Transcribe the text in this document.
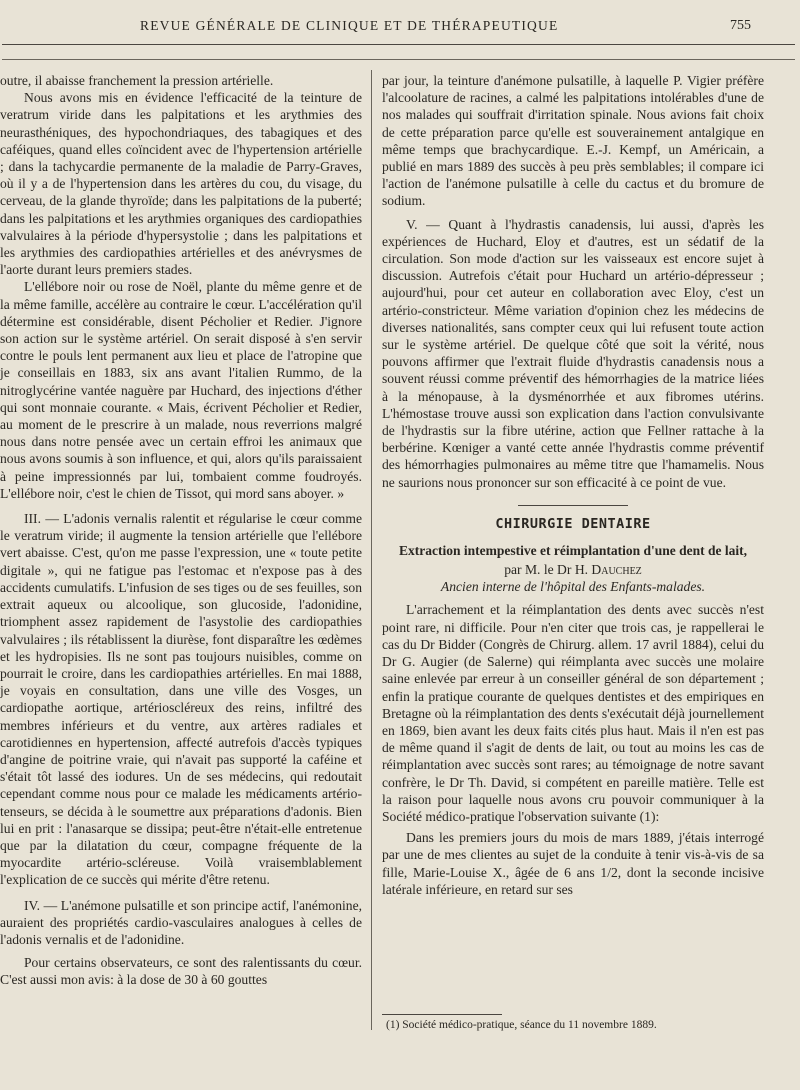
REVUE GÉNÉRALE DE CLINIQUE ET DE THÉRAPEUTIQUE	755

outre, il abaisse franchement la pression artérielle.

Nous avons mis en évidence l'efficacité de la teinture de veratrum viride dans les palpitations et les arythmies des neurasthéniques, des hypochondriaques, des tabagiques et des caféiques, quand elles coïncident avec de l'hypertension artérielle ; dans la tachycardie permanente de la maladie de Parry-Graves, où il y a de l'hypertension dans les artères du cou, du visage, du cerveau, de la glande thyroïde; dans les palpitations de la puberté; dans les palpitations et les arythmies organiques des cardiopathies valvulaires à la période d'hypersystolie ; dans les palpitations et les arythmies des cardiopathies artérielles et des anévrysmes de l'aorte durant leurs premiers stades.

L'ellébore noir ou rose de Noël, plante du même genre et de la même famille, accélère au contraire le cœur. L'accélération qu'il détermine est considérable, disent Pécholier et Redier. J'ignore son action sur le système artériel. On serait disposé à s'en servir contre le pouls lent permanent aux lieu et place de l'atropine que je conseillais en 1883, six ans avant l'italien Rummo, de la nitroglycérine vantée naguère par Huchard, des injections d'éther qui sont monnaie courante. « Mais, écrivent Pécholier et Redier, au moment de le prescrire à un malade, nous reverrions malgré nous dans notre pensée avec un certain effroi les animaux que nous avons soumis à son influence, et qui, alors qu'ils paraissaient à peine impressionnés par lui, tombaient comme foudroyés. L'ellébore noir, c'est le chien de Tissot, qui mord sans aboyer. »

III. — L'adonis vernalis ralentit et régularise le cœur comme le veratrum viride; il augmente la tension artérielle que l'ellébore vert abaisse. C'est, qu'on me passe l'expression, une « toute petite digitale », qui ne fatigue pas l'estomac et n'expose pas à des accidents cumulatifs. L'infusion de ses tiges ou de ses feuilles, son extrait aqueux ou alcoolique, son glucoside, l'adonidine, triomphent assez rapidement de l'asystolie des cardiopathies valvulaires ; ils rétablissent la diurèse, font disparaître les œdèmes et les hydropisies. Ils ne sont pas toujours nuisibles, comme on pourrait le croire, dans les cardiopathies artérielles. En mai 1888, je voyais en consultation, dans une ville des Vosges, un cardiopathe aortique, artérioscléreux des reins, infiltré des membres inférieurs et du ventre, aux artères radiales et carotidiennes en hypertension, affecté autrefois d'accès typiques d'angine de poitrine vraie, qui n'avait pas supporté la caféine et s'était tôt lassé des iodures. Un de ses médecins, qui redoutait cependant comme nous pour ce malade les médicaments artério-tenseurs, se décida à le soumettre aux préparations d'adonis. Bien lui en prit : l'anasarque se dissipa; peut-être n'était-elle entretenue que par la dilatation du cœur, compagne fréquente de la myocardite artério-scléreuse. Voilà vraisemblablement l'explication de ce succès qui mérite d'être retenu.

IV. — L'anémone pulsatille et son principe actif, l'anémonine, auraient des propriétés cardio-vasculaires analogues à celles de l'adonis vernalis et de l'adonidine.

Pour certains observateurs, ce sont des ralentissants du cœur. C'est aussi mon avis: à la dose de 30 à 60 gouttes

par jour, la teinture d'anémone pulsatille, à laquelle P. Vigier préfère l'alcoolature de racines, a calmé les palpitations intolérables d'une de nos malades qui souffrait d'irritation spinale. Nous avions fait choix de cette préparation parce qu'elle est souverainement antalgique en même temps que brachycardique. E.-J. Kempf, un Américain, a publié en mars 1889 des succès à peu près semblables; il compare ici l'action de l'anémone pulsatille à celle du cactus et du bromure de sodium.

V. — Quant à l'hydrastis canadensis, lui aussi, d'après les expériences de Huchard, Eloy et d'autres, est un sédatif de la circulation. Son mode d'action sur les vaisseaux est encore sujet à discussion. Autrefois c'était pour Huchard un artério-dépresseur ; aujourd'hui, pour cet auteur en collaboration avec Eloy, c'est un artério-constricteur. Même variation d'opinion chez les médecins de diverses nationalités, sans compter ceux qui lui refusent toute action sur le système artériel. De quelque côté que soit la vérité, nous pouvons affirmer que l'extrait fluide d'hydrastis canadensis nous a souvent réussi comme préventif des hémorrhagies de la matrice liées à la ménopause, à la dysménorrhée et aux fibromes utérins. L'hémostase trouve aussi son explication dans l'action convulsivante de l'hydrastis sur la fibre utérine, action que Fellner rattache à la berbérine. Kœniger a vanté cette année l'hydrastis comme préventif des hémorrhagies pulmonaires au même titre que l'hamamelis. Nous ne saurions nous prononcer sur son efficacité à ce point de vue.

CHIRURGIE DENTAIRE
Extraction intempestive et réimplantation d'une dent de lait,
par M. le Dr H. Dauchez
Ancien interne de l'hôpital des Enfants-malades.

L'arrachement et la réimplantation des dents avec succès n'est point rare, ni difficile. Pour n'en citer que trois cas, je rappellerai le cas du Dr Bidder (Congrès de Chirurg. allem. 17 avril 1884), celui du Dr G. Augier (de Salerne) qui réimplanta avec succès une molaire saine enlevée par erreur à un conseiller général de son département ; enfin la pratique courante de quelques dentistes et des empiriques en Bretagne où la réimplantation des dents s'exécutait déjà journellement en 1869, bien avant les deux faits cités plus haut. Mais il n'en est pas de même quand il s'agit de dents de lait, ou tout au moins les cas de réimplantation avec succès sont rares; au témoignage de notre savant confrère, le Dr Th. David, si compétent en pareille matière. Telle est la raison pour laquelle nous avons cru pouvoir communiquer à la Société médico-pratique l'observation suivante (1):

Dans les premiers jours du mois de mars 1889, j'étais interrogé par une de mes clientes au sujet de la conduite à tenir vis-à-vis de sa fille, Marie-Louise X., âgée de 6 ans 1/2, dont la seconde incisive latérale inférieure, en retard sur ses

(1) Société médico-pratique, séance du 11 novembre 1889.
